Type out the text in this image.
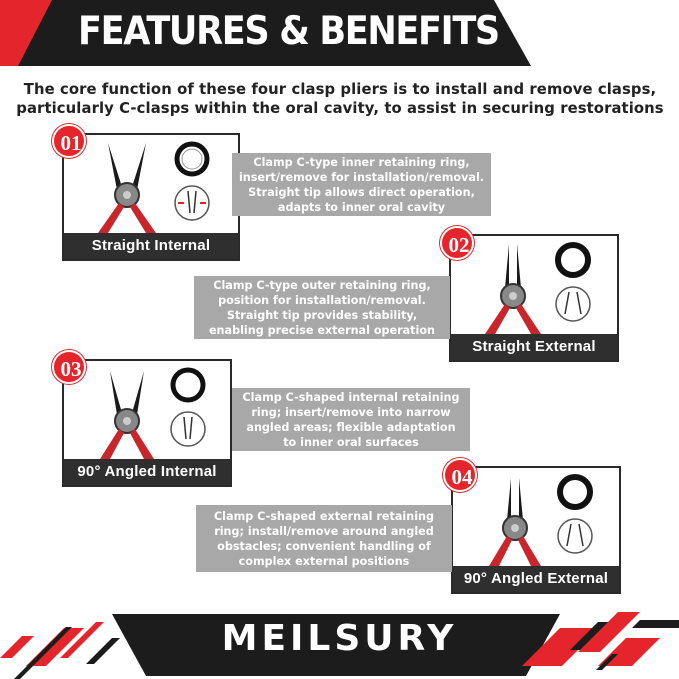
FEATURES & BENEFITS
The core function of these four clasp pliers is to install and remove clasps, particularly C-clasps within the oral cavity, to assist in securing restorations
Straight Internal
01
Clamp C-type inner retaining ring, insert/remove for installation/removal. Straight tip allows direct operation, adapts to inner oral cavity
Straight External
02
Clamp C-type outer retaining ring, position for installation/removal. Straight tip provides stability, enabling precise external operation
90° Angled Internal
03
Clamp C-shaped internal retaining ring; insert/remove into narrow angled areas; flexible adaptation to inner oral surfaces
90° Angled External
04
Clamp C-shaped external retaining ring; install/remove around angled obstacles; convenient handling of complex external positions
MEILSURY
